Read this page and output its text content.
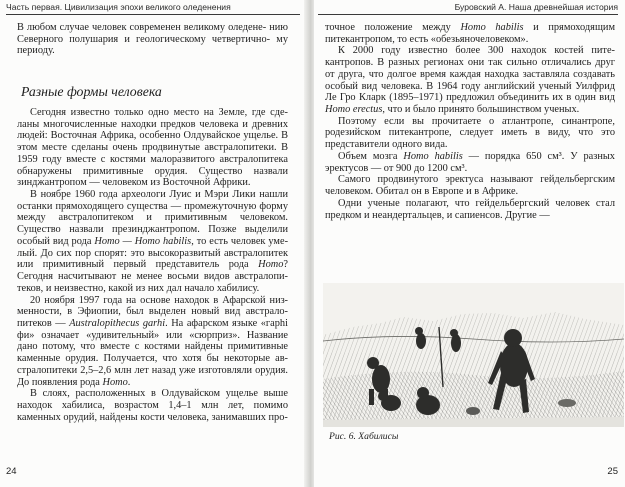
Часть первая. Цивилизация эпохи великого оледенения

В любом случае человек современен великому оледене- нию Северного полушария и геологическому четвертично- му периоду.

Разные формы человека

Сегодня известно только одно место на Земле, где сделаны многочисленные находки предков человека и древних людей: Восточная Африка, особенно Олдувайское ущелье. В этом месте сделаны очень продвинутые австралопитеки. В 1959 году вместе с костями малоразвитого австралопитека обнаружены примитивные орудия. Существо назвали зинджантропом — человеком из Восточной Африки.

В ноябре 1960 года археологи Луис и Мэри Лики нашли останки прямоходящего существа — промежуточную форму между австралопитеком и примитивным человеком. Существо назвали презинджантропом. Позже выделили особый вид рода Homo — Homo habilis, то есть человек умелый. До сих пор спорят: это высокоразвитый австралопитек или примитивный первый представитель рода Homo? Сегодня насчитывают не менее восьми видов австралопитеков, и неизвестно, какой из них дал начало хабилису.

20 ноября 1997 года на основе находок в Афарской низменности, в Эфиопии, был выделен новый вид австралопитеков — Australopithecus garhi. На афарском языке «гарhi фи» означает «удивительный» или «сюрприз». Название дано потому, что вместе с костями найдены примитивные каменные орудия. Получается, что хотя бы некоторые австралопитеки 2,5–2,6 млн лет назад уже изготовляли орудия. До появления рода Homo.

В слоях, расположенных в Олдувайском ущелье выше находок хабилиса, возрастом 1,4–1 млн лет, помимо каменных орудий, найдены кости человека, занимавших про-

24
Буровский А. Наша древнейшая история

точное положение между Homo habilis и прямоходящим питекантропом, то есть «обезьяночеловеком».

К 2000 году известно более 300 находок костей питекантропов. В разных регионах они так сильно отличались друг от друга, что долгое время каждая находка заставляла создавать особый вид человека. В 1964 году английский ученый Уилфрид Ле Гро Кларк (1895–1971) предложил объединить их в один вид Homo erectus, что и было принято большинством ученых.

Поэтому если вы прочитаете о атлантропе, синантропе, родезийском питекантропе, следует иметь в виду, что это представители одного вида.

Объем мозга Homo habilis — порядка 650 см³. У разных эректусов — от 900 до 1200 см³.

Самого продвинутого эректуса называют гейдельбергским человеком. Обитал он в Европе и в Африке.

Одни ученые полагают, что гейдельбергский человек стал предком и неандертальцев, и сапиенсов. Другие —

Рис. 6. Хабилисы
25
